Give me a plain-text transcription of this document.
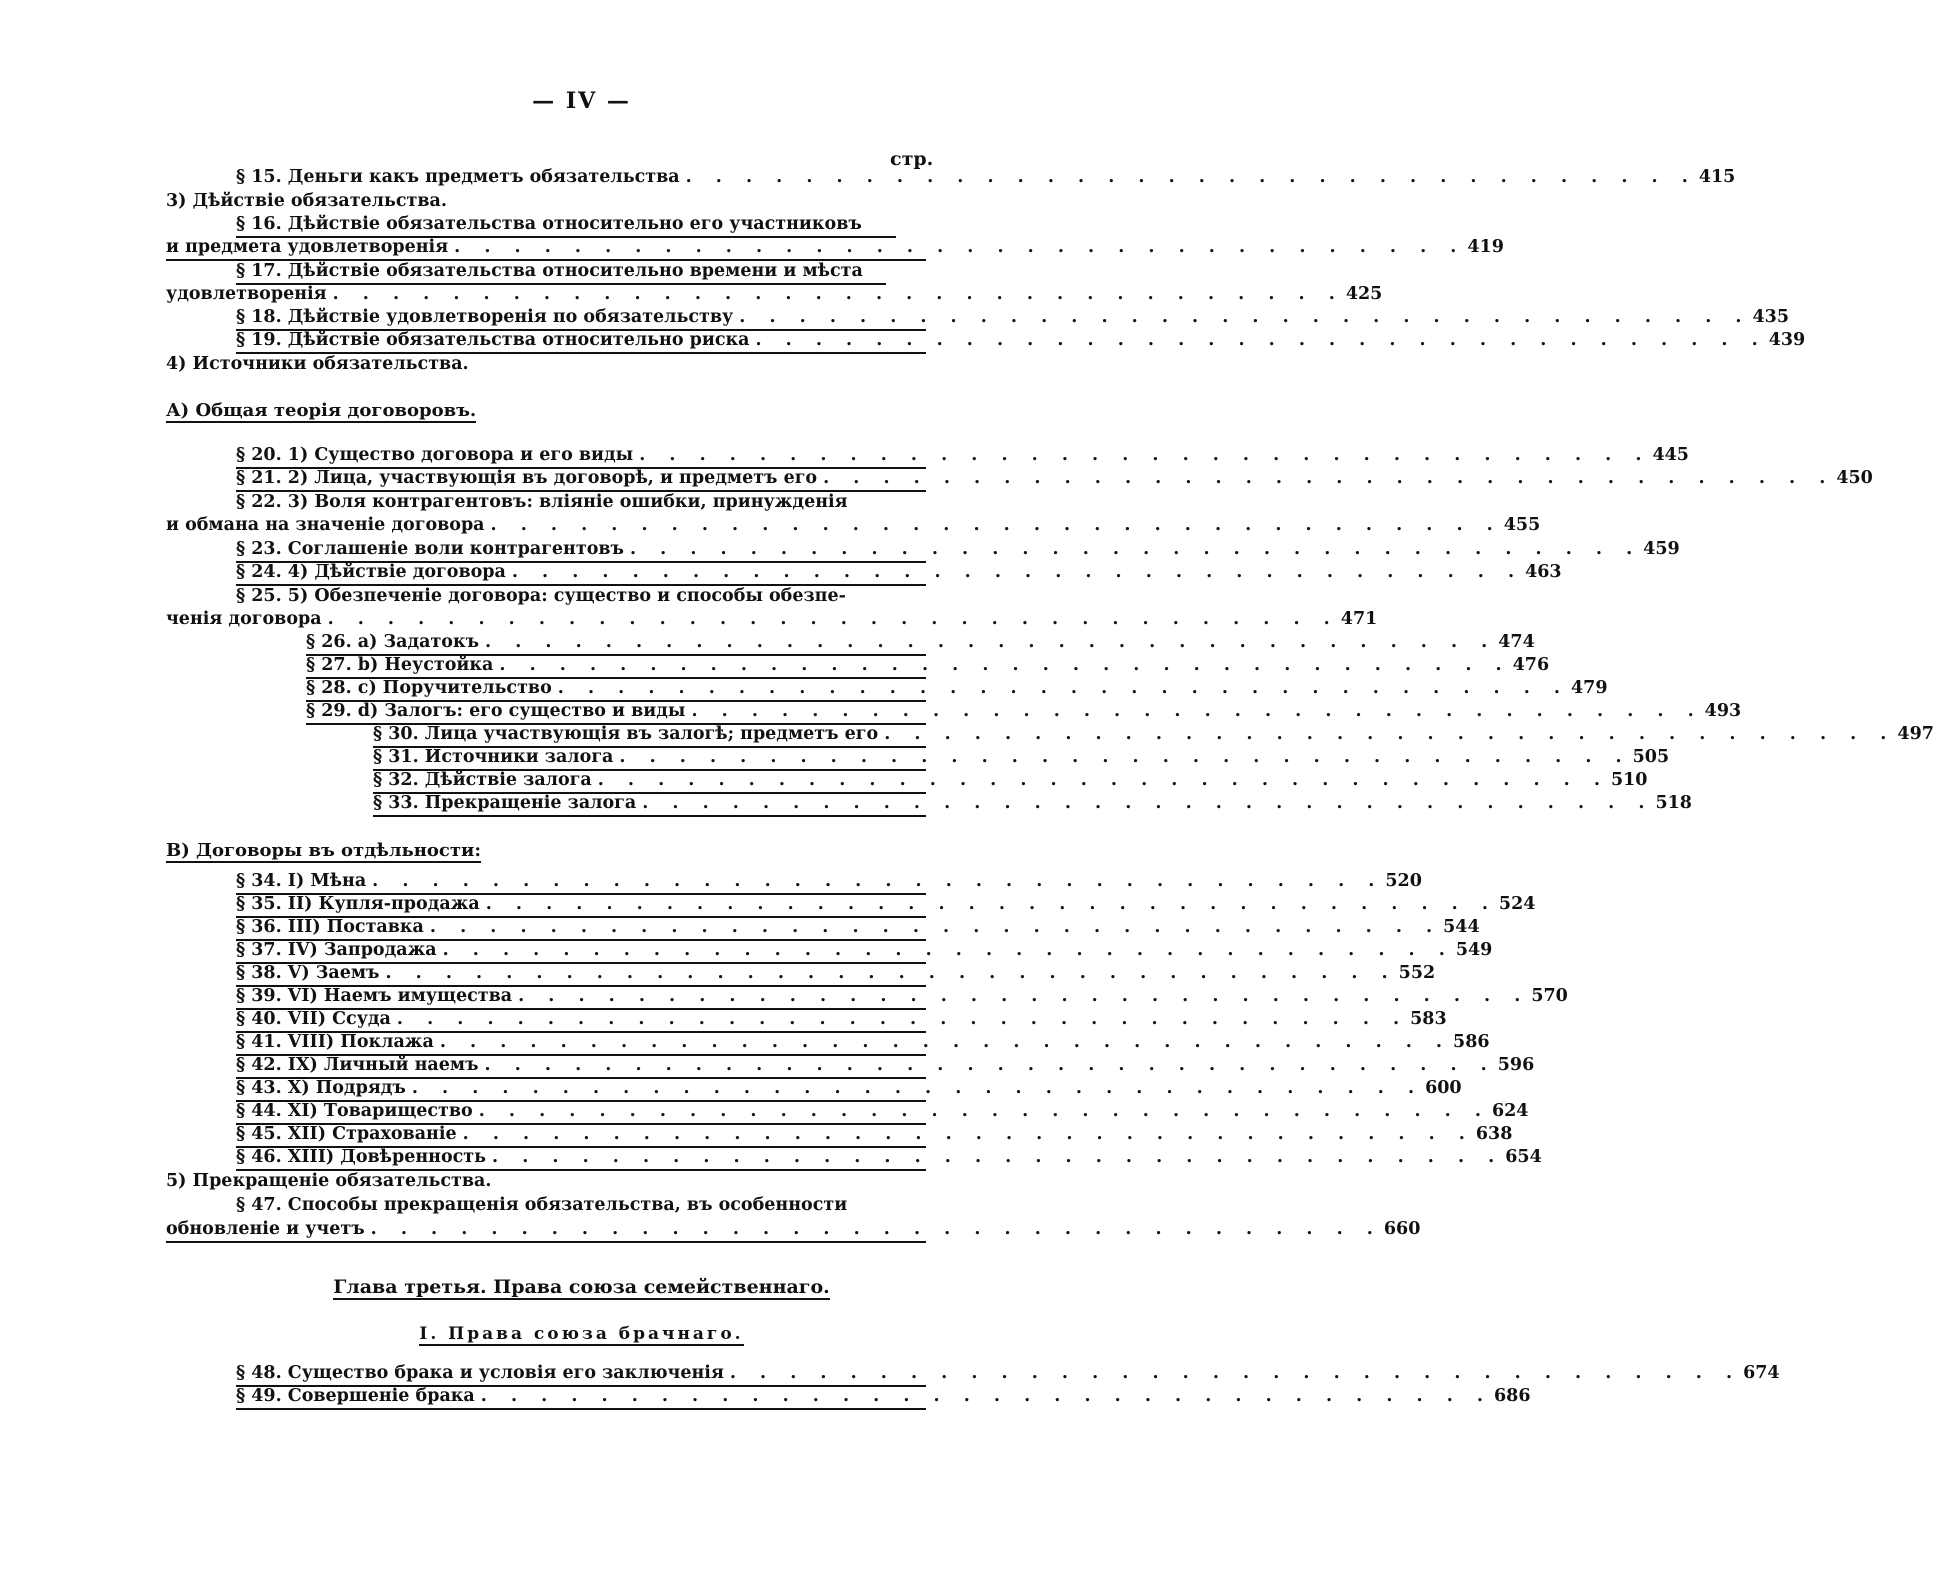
— IV —
стр.
§ 15. Деньги какъ предметъ обязательства . . . . . . . . . . . . . . . . . . . . . . . . . . . . . . . . . . 415
3) Дѣйствіе обязательства.
§ 16. Дѣйствіе обязательства относительно его участниковъ
и предмета удовлетворенія . . . . . . . . . . . . . . . . . . . . . . . . . . . . . . . . . . 419
§ 17. Дѣйствіе обязательства относительно времени и мѣста
удовлетворенія . . . . . . . . . . . . . . . . . . . . . . . . . . . . . . . . . . 425
§ 18. Дѣйствіе удовлетворенія по обязательству . . . . . . . . . . . . . . . . . . . . . . . . . . . . . . . . . . 435
§ 19. Дѣйствіе обязательства относительно риска . . . . . . . . . . . . . . . . . . . . . . . . . . . . . . . . . . 439
4) Источники обязательства.
А) Общая теорія договоровъ.
§ 20. 1) Существо договора и его виды . . . . . . . . . . . . . . . . . . . . . . . . . . . . . . . . . . 445
§ 21. 2) Лица, участвующія въ договорѣ, и предметъ его . . . . . . . . . . . . . . . . . . . . . . . . . . . . . . . . . . 450
§ 22. 3) Воля контрагентовъ: вліяніе ошибки, принужденія
и обмана на значеніе договора . . . . . . . . . . . . . . . . . . . . . . . . . . . . . . . . . . 455
§ 23. Соглашеніе воли контрагентовъ . . . . . . . . . . . . . . . . . . . . . . . . . . . . . . . . . . 459
§ 24. 4) Дѣйствіе договора . . . . . . . . . . . . . . . . . . . . . . . . . . . . . . . . . . 463
§ 25. 5) Обезпеченіе договора: существо и способы обезпе-
ченія договора . . . . . . . . . . . . . . . . . . . . . . . . . . . . . . . . . . 471
§ 26. a) Задатокъ . . . . . . . . . . . . . . . . . . . . . . . . . . . . . . . . . . 474
§ 27. b) Неустойка . . . . . . . . . . . . . . . . . . . . . . . . . . . . . . . . . . 476
§ 28. c) Поручительство . . . . . . . . . . . . . . . . . . . . . . . . . . . . . . . . . . 479
§ 29. d) Залогъ: его существо и виды . . . . . . . . . . . . . . . . . . . . . . . . . . . . . . . . . . 493
§ 30. Лица участвующія въ залогѣ; предметъ его . . . . . . . . . . . . . . . . . . . . . . . . . . . . . . . . . . 497
§ 31. Источники залога . . . . . . . . . . . . . . . . . . . . . . . . . . . . . . . . . . 505
§ 32. Дѣйствіе залога . . . . . . . . . . . . . . . . . . . . . . . . . . . . . . . . . . 510
§ 33. Прекращеніе залога . . . . . . . . . . . . . . . . . . . . . . . . . . . . . . . . . . 518
В) Договоры въ отдѣльности:
§ 34. I) Мѣна . . . . . . . . . . . . . . . . . . . . . . . . . . . . . . . . . . 520
§ 35. II) Купля-продажа . . . . . . . . . . . . . . . . . . . . . . . . . . . . . . . . . . 524
§ 36. III) Поставка . . . . . . . . . . . . . . . . . . . . . . . . . . . . . . . . . . 544
§ 37. IV) Запродажа . . . . . . . . . . . . . . . . . . . . . . . . . . . . . . . . . . 549
§ 38. V) Заемъ . . . . . . . . . . . . . . . . . . . . . . . . . . . . . . . . . . 552
§ 39. VI) Наемъ имущества . . . . . . . . . . . . . . . . . . . . . . . . . . . . . . . . . . 570
§ 40. VII) Ссуда . . . . . . . . . . . . . . . . . . . . . . . . . . . . . . . . . . 583
§ 41. VIII) Поклажа . . . . . . . . . . . . . . . . . . . . . . . . . . . . . . . . . . 586
§ 42. IX) Личный наемъ . . . . . . . . . . . . . . . . . . . . . . . . . . . . . . . . . . 596
§ 43. X) Подрядъ . . . . . . . . . . . . . . . . . . . . . . . . . . . . . . . . . . 600
§ 44. XI) Товарищество . . . . . . . . . . . . . . . . . . . . . . . . . . . . . . . . . . 624
§ 45. XII) Страхованіе . . . . . . . . . . . . . . . . . . . . . . . . . . . . . . . . . . 638
§ 46. XIII) Довѣренность . . . . . . . . . . . . . . . . . . . . . . . . . . . . . . . . . . 654
5) Прекращеніе обязательства.
§ 47. Способы прекращенія обязательства, въ особенности
обновленіе и учетъ . . . . . . . . . . . . . . . . . . . . . . . . . . . . . . . . . . 660
Глава третья. Права союза семейственнаго.
I. Права союза брачнаго.
§ 48. Существо брака и условія его заключенія . . . . . . . . . . . . . . . . . . . . . . . . . . . . . . . . . . 674
§ 49. Совершеніе брака . . . . . . . . . . . . . . . . . . . . . . . . . . . . . . . . . . 686
